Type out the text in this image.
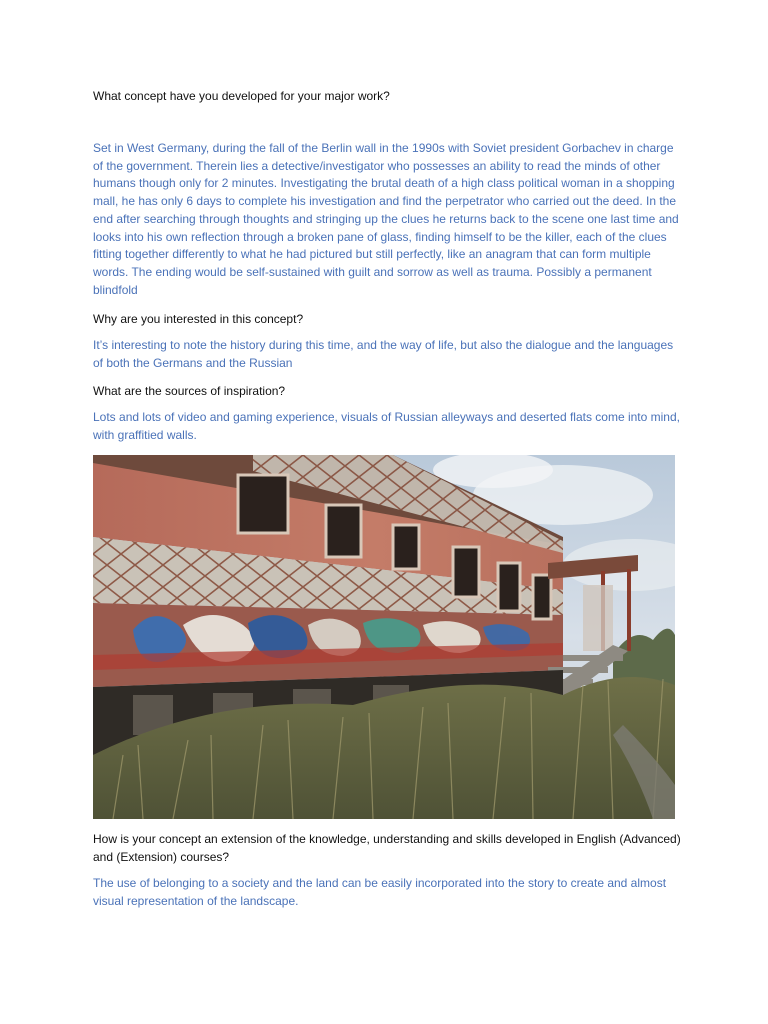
What concept have you developed for your major work?

Set in West Germany, during the fall of the Berlin wall in the 1990s with Soviet president Gorbachev in charge of the government. Therein lies a detective/investigator who possesses an ability to read the minds of other humans though only for 2 minutes. Investigating the brutal death of a high class political woman in a shopping mall, he has only 6 days to complete his investigation and find the perpetrator who carried out the deed. In the end after searching through thoughts and stringing up the clues he returns back to the scene one last time and looks into his own reflection through a broken pane of glass, finding himself to be the killer, each of the clues fitting together differently to what he had pictured but still perfectly, like an anagram that can form multiple words. The ending would be self-sustained with guilt and sorrow as well as trauma. Possibly a permanent blindfold

Why are you interested in this concept?

It’s interesting to note the history during this time, and the way of life, but also the dialogue and the languages of both the Germans and the Russian

What are the sources of inspiration?

Lots and lots of video and gaming experience, visuals of Russian alleyways and deserted flats come into mind, with graffitied walls.

How is your concept an extension of the knowledge, understanding and skills developed in English (Advanced) and (Extension) courses?

The use of belonging to a society and the land can be easily incorporated into the story to create and almost visual representation of the landscape.
